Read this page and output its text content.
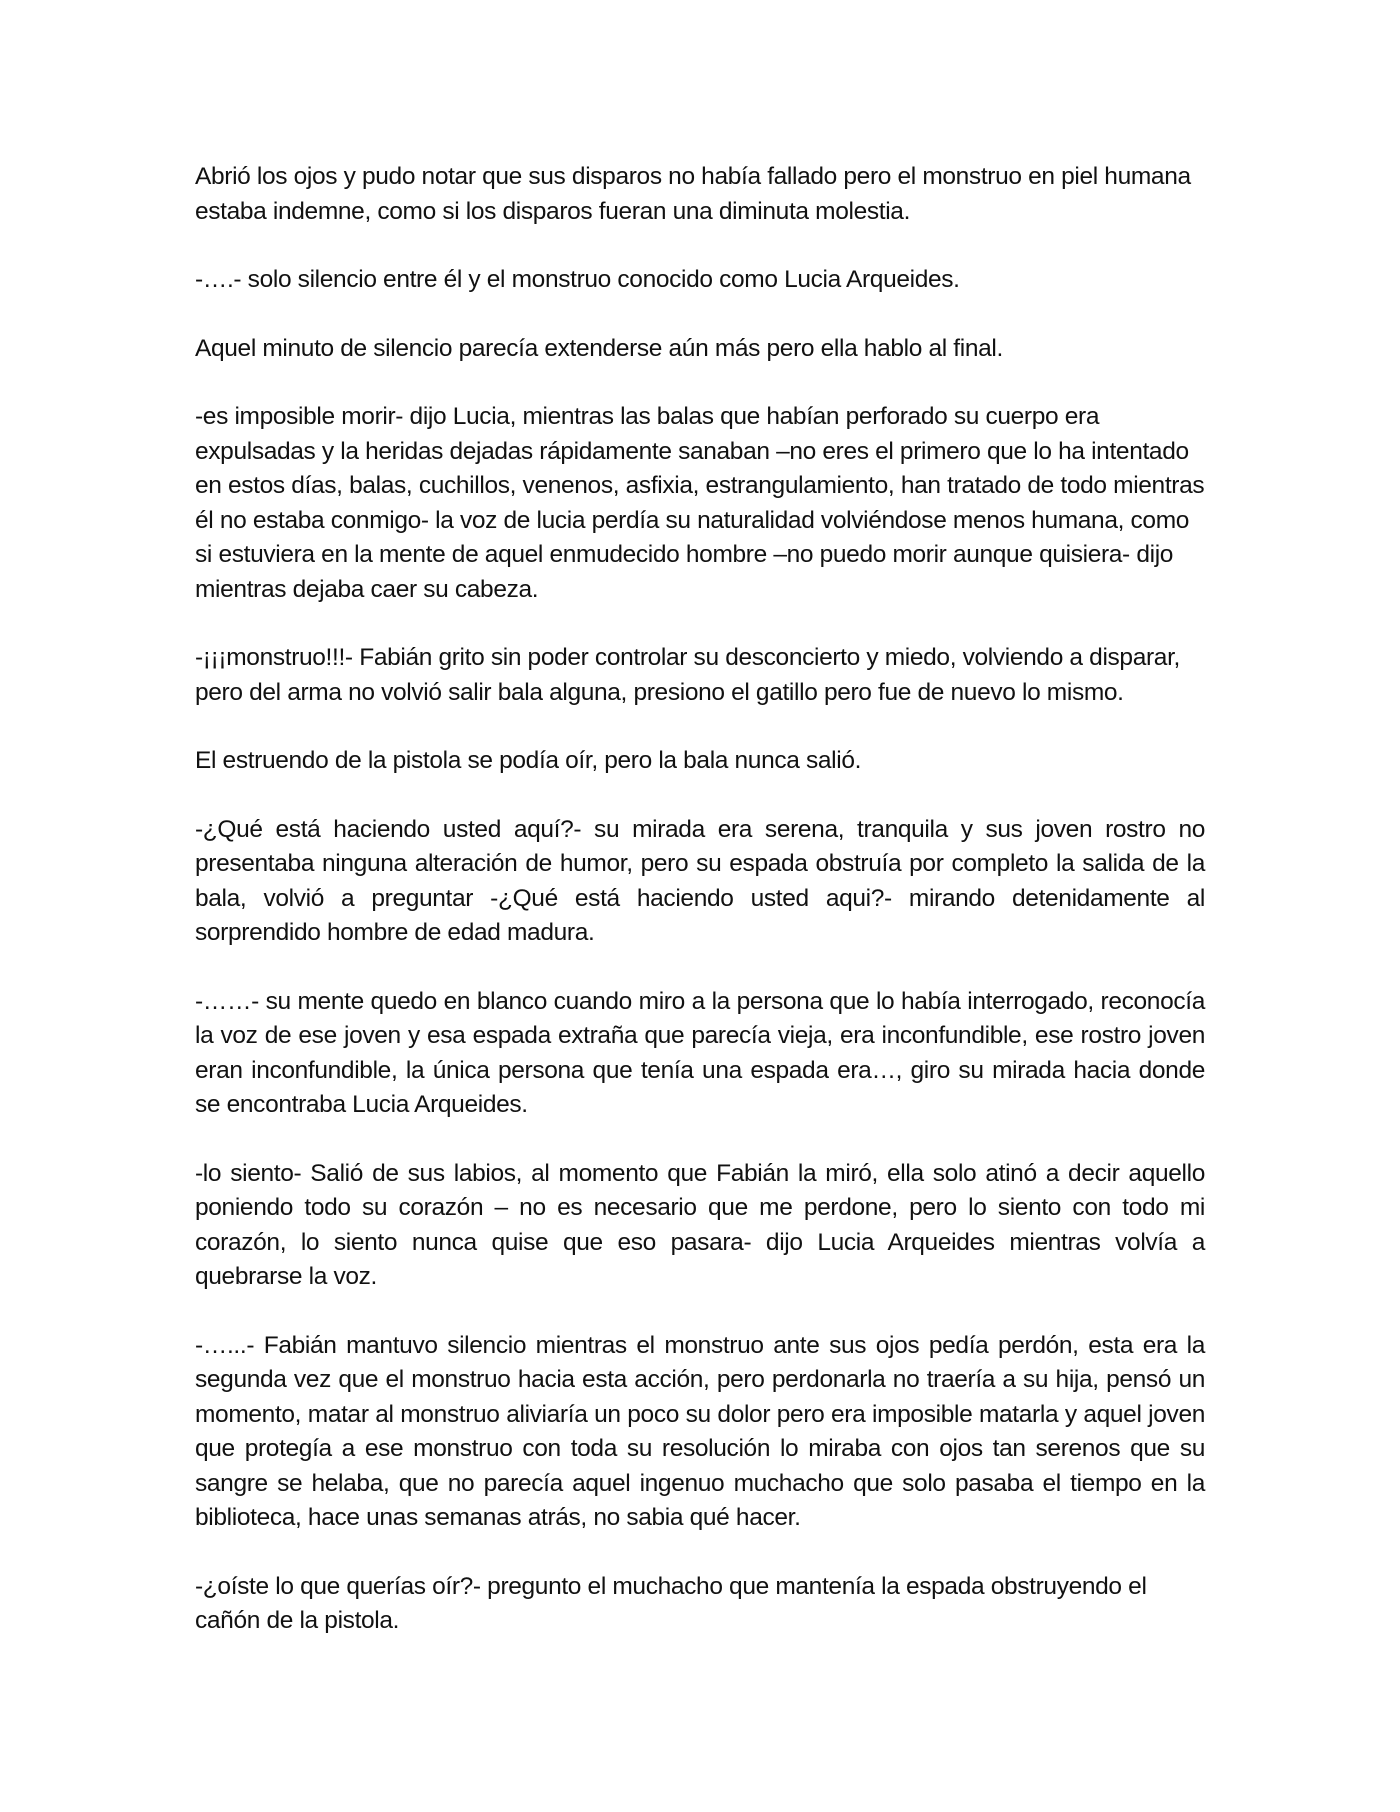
Abrió los ojos y pudo notar que sus disparos no había fallado pero el monstruo en piel humana estaba indemne, como si los disparos fueran una diminuta molestia.

-….- solo silencio entre él y el monstruo conocido como Lucia Arqueides.

Aquel minuto de silencio parecía extenderse aún más pero ella hablo al final.

-es imposible morir- dijo Lucia, mientras las balas que habían perforado su cuerpo era expulsadas y la heridas dejadas rápidamente sanaban –no eres el primero que lo ha intentado en estos días, balas, cuchillos, venenos, asfixia, estrangulamiento, han tratado de todo mientras él no estaba conmigo- la voz de lucia perdía su naturalidad volviéndose menos humana, como si estuviera en la mente de aquel enmudecido hombre –no puedo morir aunque quisiera- dijo mientras dejaba caer su cabeza.

-¡¡¡monstruo!!!- Fabián grito sin poder controlar su desconcierto y miedo, volviendo a disparar, pero del arma no volvió salir bala alguna, presiono el gatillo pero fue de nuevo lo mismo.

El estruendo de la pistola se podía oír, pero la bala nunca salió.

-¿Qué está haciendo usted aquí?- su mirada era serena, tranquila y sus joven rostro no presentaba ninguna alteración de humor, pero su espada obstruía por completo la salida de la bala, volvió a preguntar -¿Qué está haciendo usted aqui?- mirando detenidamente al sorprendido hombre de edad madura.

-……- su mente quedo en blanco cuando miro a la persona que lo había interrogado, reconocía la voz de ese joven y esa espada extraña que parecía vieja, era inconfundible, ese rostro joven eran inconfundible, la única persona que tenía una espada era…, giro su mirada hacia donde se encontraba Lucia Arqueides.

-lo siento- Salió de sus labios, al momento que Fabián la miró, ella solo atinó a decir aquello poniendo todo su corazón – no es necesario que me perdone, pero lo siento con todo mi corazón, lo siento nunca quise que eso pasara- dijo Lucia Arqueides mientras volvía a quebrarse la voz.

-…...- Fabián mantuvo silencio mientras el monstruo ante sus ojos pedía perdón, esta era la segunda vez que el monstruo hacia esta acción, pero perdonarla no traería a su hija, pensó un momento, matar al monstruo aliviaría un poco su dolor pero era imposible matarla y aquel joven que protegía a ese monstruo con toda su resolución lo miraba con ojos tan serenos que su sangre se helaba, que no parecía aquel ingenuo muchacho que solo pasaba el tiempo en la biblioteca, hace unas semanas atrás, no sabia qué hacer.

-¿oíste lo que querías oír?- pregunto el muchacho que mantenía la espada obstruyendo el cañón de la pistola.
